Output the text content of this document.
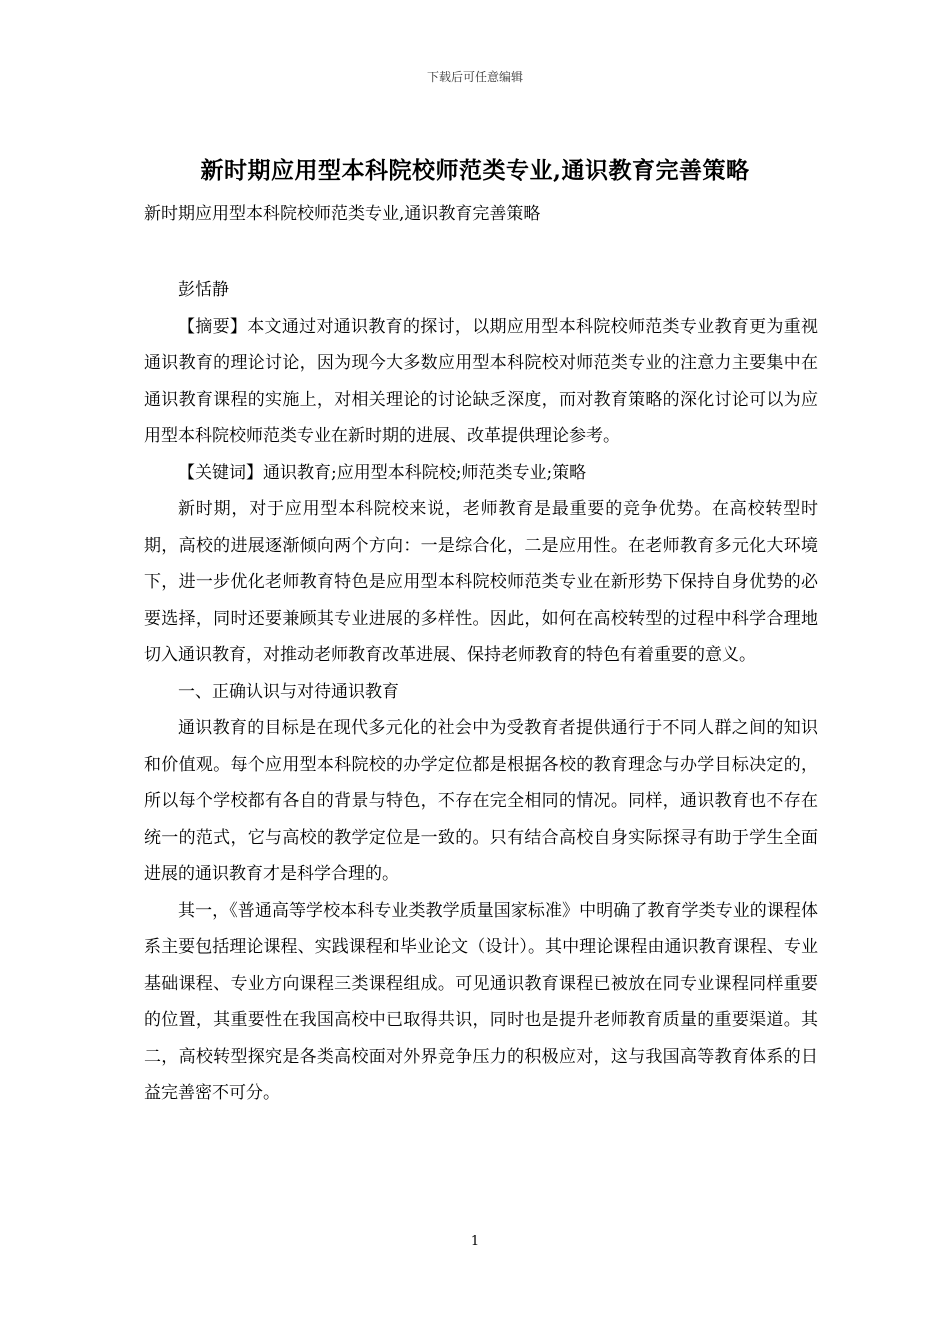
下载后可任意编辑
新时期应用型本科院校师范类专业,通识教育完善策略
新时期应用型本科院校师范类专业,通识教育完善策略

彭恬静

【摘要】本文通过对通识教育的探讨，以期应用型本科院校师范类专业教育更为重视通识教育的理论讨论，因为现今大多数应用型本科院校对师范类专业的注意力主要集中在通识教育课程的实施上，对相关理论的讨论缺乏深度，而对教育策略的深化讨论可以为应用型本科院校师范类专业在新时期的进展、改革提供理论参考。

【关键词】通识教育;应用型本科院校;师范类专业;策略

新时期，对于应用型本科院校来说，老师教育是最重要的竞争优势。在高校转型时期，高校的进展逐渐倾向两个方向：一是综合化，二是应用性。在老师教育多元化大环境下，进一步优化老师教育特色是应用型本科院校师范类专业在新形势下保持自身优势的必要选择，同时还要兼顾其专业进展的多样性。因此，如何在高校转型的过程中科学合理地切入通识教育，对推动老师教育改革进展、保持老师教育的特色有着重要的意义。

一、正确认识与对待通识教育

通识教育的目标是在现代多元化的社会中为受教育者提供通行于不同人群之间的知识和价值观。每个应用型本科院校的办学定位都是根据各校的教育理念与办学目标决定的，所以每个学校都有各自的背景与特色，不存在完全相同的情况。同样，通识教育也不存在统一的范式，它与高校的教学定位是一致的。只有结合高校自身实际探寻有助于学生全面进展的通识教育才是科学合理的。

其一，《普通高等学校本科专业类教学质量国家标准》中明确了教育学类专业的课程体系主要包括理论课程、实践课程和毕业论文（设计）。其中理论课程由通识教育课程、专业基础课程、专业方向课程三类课程组成。可见通识教育课程已被放在同专业课程同样重要的位置，其重要性在我国高校中已取得共识，同时也是提升老师教育质量的重要渠道。其二，高校转型探究是各类高校面对外界竞争压力的积极应对，这与我国高等教育体系的日益完善密不可分。

1
